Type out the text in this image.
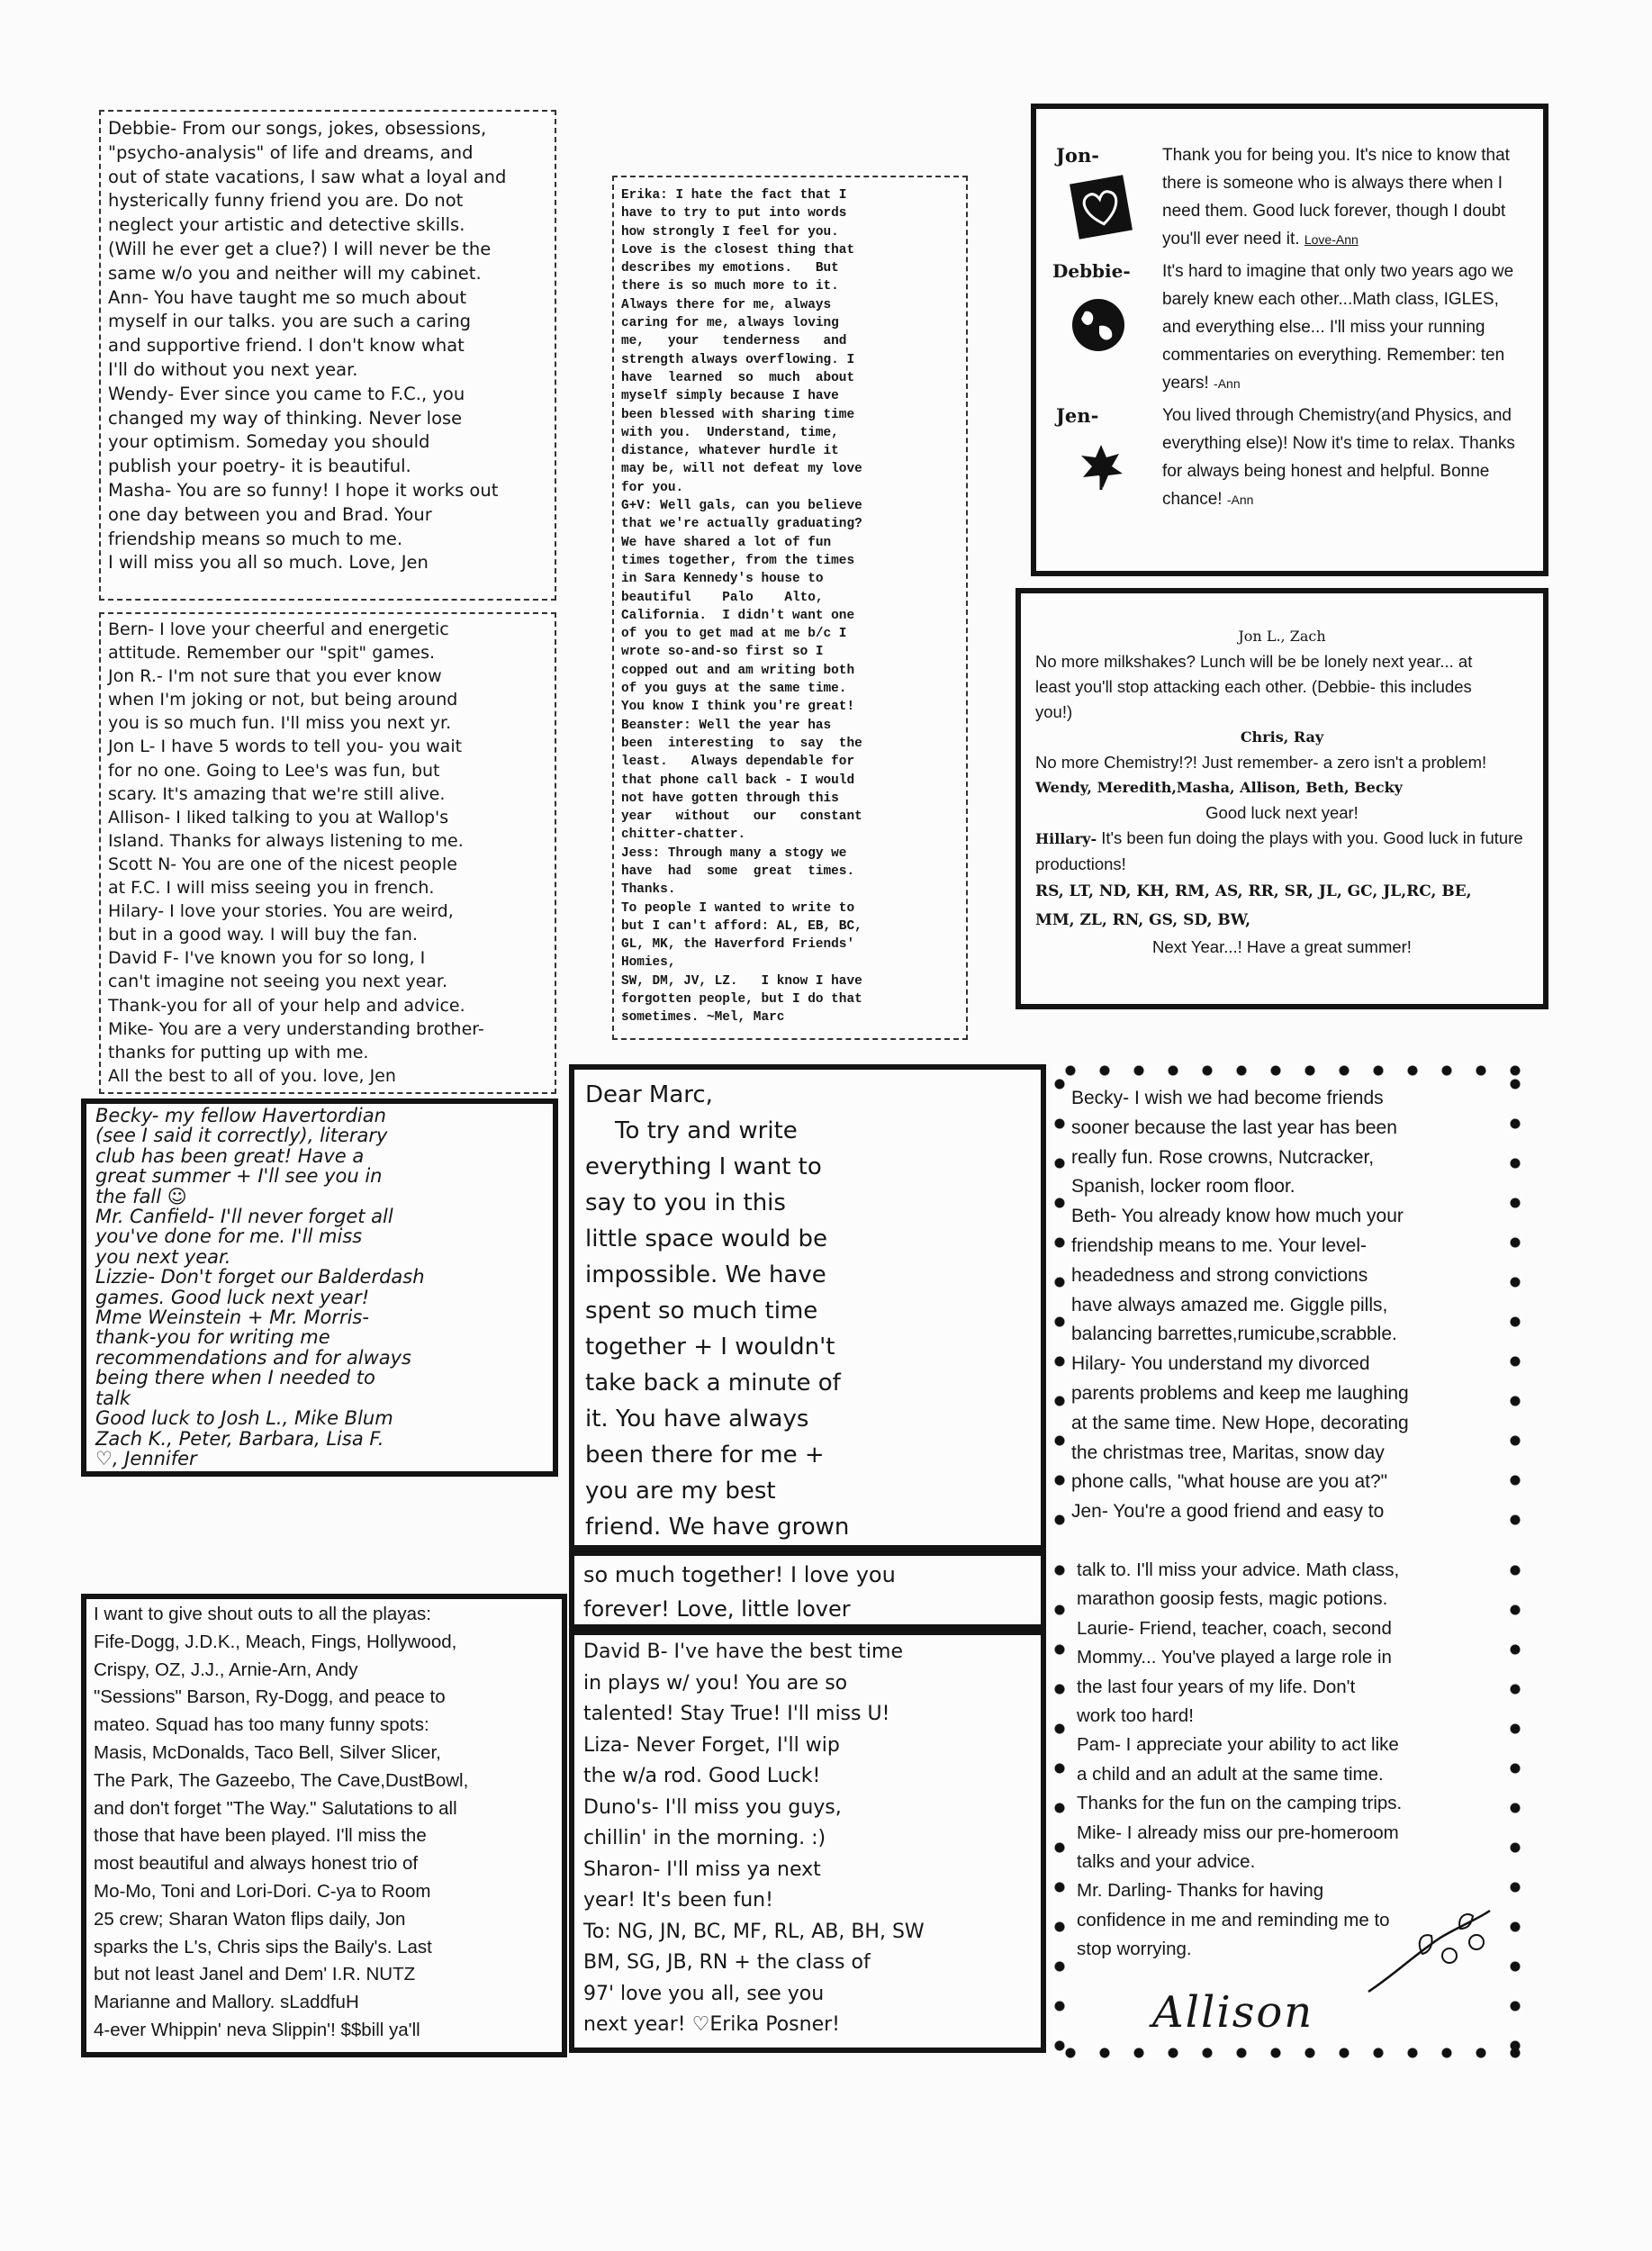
Debbie- From our songs, jokes, obsessions,
"psycho-analysis" of life and dreams, and
out of state vacations, I saw what a loyal and
hysterically funny friend you are. Do not
neglect your artistic and detective skills.
(Will he ever get a clue?) I will never be the
same w/o you and neither will my cabinet.
Ann- You have taught me so much about
myself in our talks. you are such a caring
and supportive friend. I don't know what
I'll do without you next year.
Wendy- Ever since you came to F.C., you
changed my way of thinking. Never lose
your optimism. Someday you should
publish your poetry- it is beautiful.
Masha- You are so funny! I hope it works out
one day between you and Brad. Your
friendship means so much to me.
I will miss you all so much. Love, Jen
Bern- I love your cheerful and energetic
attitude. Remember our "spit" games.
Jon R.- I'm not sure that you ever know
when I'm joking or not, but being around
you is so much fun. I'll miss you next yr.
Jon L- I have 5 words to tell you- you wait
for no one. Going to Lee's was fun, but
scary. It's amazing that we're still alive.
Allison- I liked talking to you at Wallop's
Island. Thanks for always listening to me.
Scott N- You are one of the nicest people
at F.C. I will miss seeing you in french.
Hilary- I love your stories. You are weird,
but in a good way. I will buy the fan.
David F- I've known you for so long, I
can't imagine not seeing you next year.
Thank-you for all of your help and advice.
Mike- You are a very understanding brother-
thanks for putting up with me.
All the best to all of you. love, Jen
Becky- my fellow Havertordian
(see I said it correctly), literary
club has been great! Have a
great summer + I'll see you in
the fall ☺
Mr. Canfield- I'll never forget all
you've done for me. I'll miss
you next year.
Lizzie- Don't forget our Balderdash
games. Good luck next year!
Mme Weinstein + Mr. Morris-
thank-you for writing me
recommendations and for always
being there when I needed to
talk
Good luck to Josh L., Mike Blum
Zach K., Peter, Barbara, Lisa F.
♡, Jennifer
I want to give shout outs to all the playas:
Fife-Dogg, J.D.K., Meach, Fings, Hollywood,
Crispy, OZ, J.J., Arnie-Arn, Andy
"Sessions" Barson, Ry-Dogg, and peace to
mateo. Squad has too many funny spots:
Masis, McDonalds, Taco Bell, Silver Slicer,
The Park, The Gazeebo, The Cave,DustBowl,
and don't forget "The Way." Salutations to all
those that have been played. I'll miss the
most beautiful and always honest trio of
Mo-Mo, Toni and Lori-Dori. C-ya to Room
25 crew; Sharan Waton flips daily, Jon
sparks the L's, Chris sips the Baily's. Last
but not least Janel and Dem' I.R. NUTZ
Marianne and Mallory. sLaddfuH
4-ever Whippin' neva Slippin'! $$bill ya'll
Erika: I hate the fact that I
have to try to put into words
how strongly I feel for you.
Love is the closest thing that
describes my emotions.   But
there is so much more to it.
Always there for me, always
caring for me, always loving
me,   your   tenderness   and
strength always overflowing. I
have  learned  so  much  about
myself simply because I have
been blessed with sharing time
with you.  Understand, time,
distance, whatever hurdle it
may be, will not defeat my love
for you.
G+V: Well gals, can you believe
that we're actually graduating?
We have shared a lot of fun
times together, from the times
in Sara Kennedy's house to
beautiful    Palo    Alto,
California.  I didn't want one
of you to get mad at me b/c I
wrote so-and-so first so I
copped out and am writing both
of you guys at the same time.
You know I think you're great!
Beanster: Well the year has
been  interesting  to  say  the
least.   Always dependable for
that phone call back - I would
not have gotten through this
year   without   our   constant
chitter-chatter.
Jess: Through many a stogy we
have  had  some  great  times.
Thanks.
To people I wanted to write to
but I can't afford: AL, EB, BC,
GL, MK, the Haverford Friends'
Homies,
SW, DM, JV, LZ.   I know I have
forgotten people, but I do that
sometimes. ~Mel, Marc
Dear Marc,
To try and write
everything I want to
say to you in this
little space would be
impossible. We have
spent so much time
together + I wouldn't
take back a minute of
it. You have always
been there for me +
you are my best
friend. We have grown
so much together! I love you
forever! Love, little lover
David B- I've have the best time
in plays w/ you! You are so
talented! Stay True! I'll miss U!
Liza- Never Forget, I'll wip
the w/a rod. Good Luck!
Duno's- I'll miss you guys,
chillin' in the morning. :)
Sharon- I'll miss ya next
year! It's been fun!
To: NG, JN, BC, MF, RL, AB, BH, SW
BM, SG, JB, RN + the class of
97' love you all, see you
next year! ♡Erika Posner!
Jon-	Thank you for being you. It's nice to know that there is someone who is always there when I need them. Good luck forever, though I doubt you'll ever need it. Love-Ann

Debbie- It's hard to imagine that only two years ago we barely knew each other...Math class, IGLES, and everything else... I'll miss your running commentaries on everything. Remember: ten years! -Ann

Jen-	You lived through Chemistry(and Physics, and everything else)! Now it's time to relax. Thanks for always being honest and helpful. Bonne chance! -Ann

Jon L., Zach
No more milkshakes? Lunch will be be lonely next year... at least you'll stop attacking each other. (Debbie- this includes you!)
Chris, Ray
No more Chemistry!?! Just remember- a zero isn't a problem!
Wendy, Meredith,Masha, Allison, Beth, Becky
Good luck next year!
Hillary- It's been fun doing the plays with you. Good luck in future productions!
RS, LT, ND, KH, RM, AS, RR, SR, JL, GC, JL,RC, BE, MM, ZL, RN, GS, SD, BW,
Next Year...! Have a great summer!
Becky- I wish we had become friends
sooner because the last year has been
really fun. Rose crowns, Nutcracker,
Spanish, locker room floor.
Beth- You already know how much your
friendship means to me. Your level-
headedness and strong convictions
have always amazed me. Giggle pills,
balancing barrettes,rumicube,scrabble.
Hilary- You understand my divorced
parents problems and keep me laughing
at the same time. New Hope, decorating
the christmas tree, Maritas, snow day
phone calls, "what house are you at?"
Jen- You're a good friend and easy to
talk to. I'll miss your advice. Math class,
marathon goosip fests, magic potions.
Laurie- Friend, teacher, coach, second
Mommy... You've played a large role in
the last four years of my life. Don't
work too hard!
Pam- I appreciate your ability to act like
a child and an adult at the same time.
Thanks for the fun on the camping trips.
Mike- I already miss our pre-homeroom
talks and your advice.
Mr. Darling- Thanks for having
confidence in me and reminding me to
stop worrying.
Allison
